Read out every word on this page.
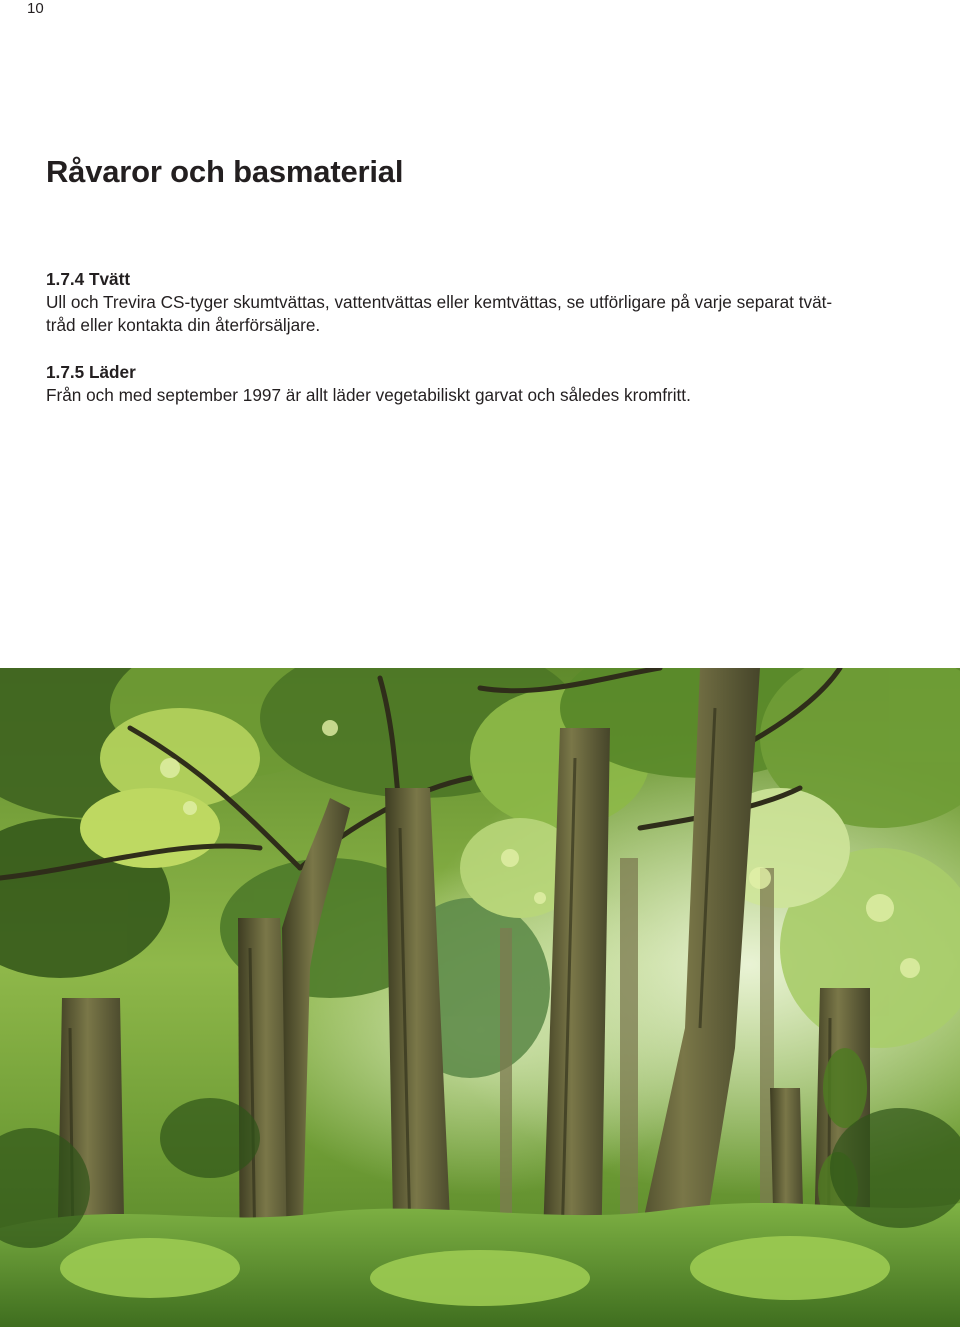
10
Råvaror och basmaterial

1.7.4 Tvätt

Ull och Trevira CS-tyger skumtvättas, vattentvättas eller kemtvättas, se utförligare på varje separat tvät-
tråd eller kontakta din återförsäljare.

1.7.5 Läder

Från och med september 1997 är allt läder vegetabiliskt garvat och således kromfritt.
